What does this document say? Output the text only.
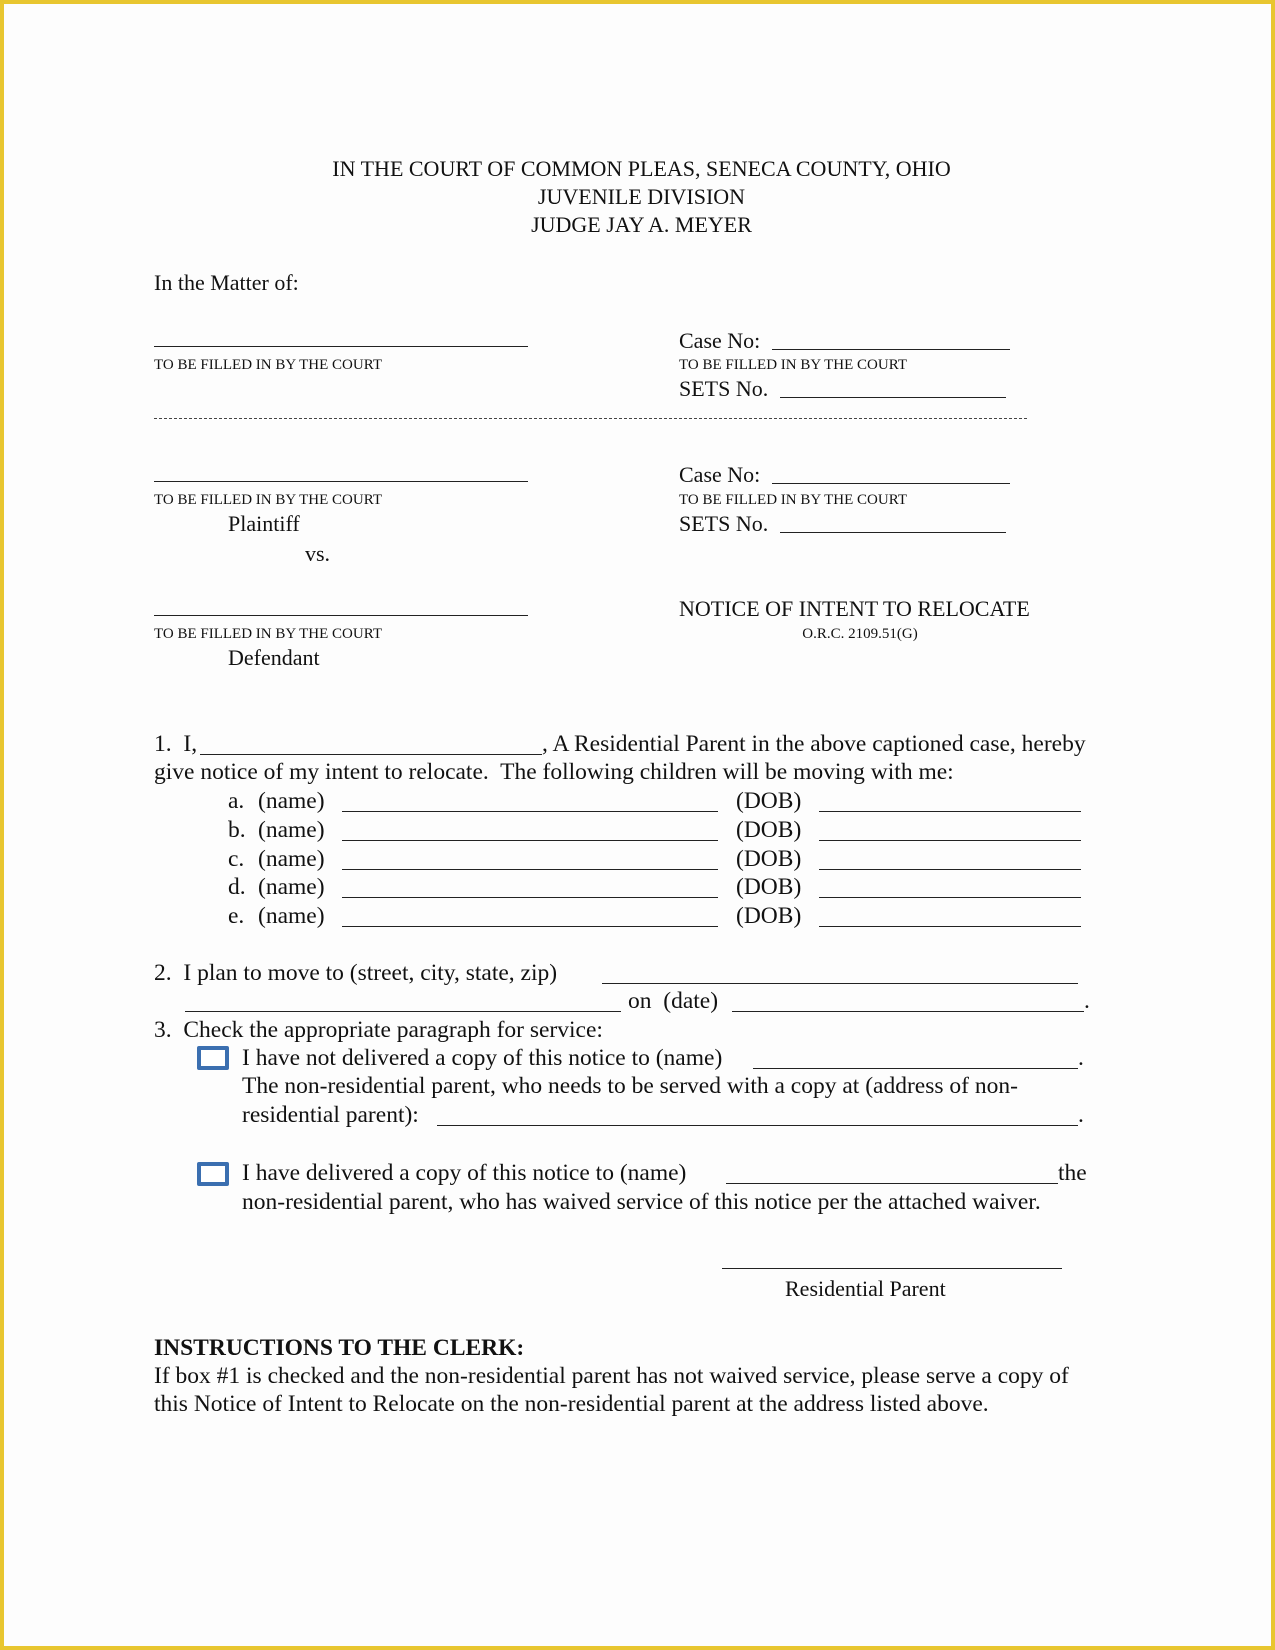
IN THE COURT OF COMMON PLEAS, SENECA COUNTY, OHIO
JUVENILE DIVISION
JUDGE JAY A. MEYER
In the Matter of:
TO BE FILLED IN BY THE COURT
Case No:
TO BE FILLED IN BY THE COURT
SETS No.
TO BE FILLED IN BY THE COURT
Plaintiff
vs.
Case No:
TO BE FILLED IN BY THE COURT
SETS No.
TO BE FILLED IN BY THE COURT
Defendant
NOTICE OF INTENT TO RELOCATE
O.R.C. 2109.51(G)
1.  I,	, A Residential Parent in the above captioned case, hereby
give notice of my intent to relocate.  The following children will be moving with me:
a. (name)	(DOB)
b. (name)	(DOB)
c. (name)	(DOB)
d. (name)	(DOB)
e. (name)	(DOB)
2.  I plan to move to (street, city, state, zip)
on  (date)	.
3.  Check the appropriate paragraph for service:
I have not delivered a copy of this notice to (name)	.
The non-residential parent, who needs to be served with a copy at (address of non-
residential parent):	.
I have delivered a copy of this notice to (name)	the
non-residential parent, who has waived service of this notice per the attached waiver.
Residential Parent
INSTRUCTIONS TO THE CLERK:
If box #1 is checked and the non-residential parent has not waived service, please serve a copy of
this Notice of Intent to Relocate on the non-residential parent at the address listed above.
